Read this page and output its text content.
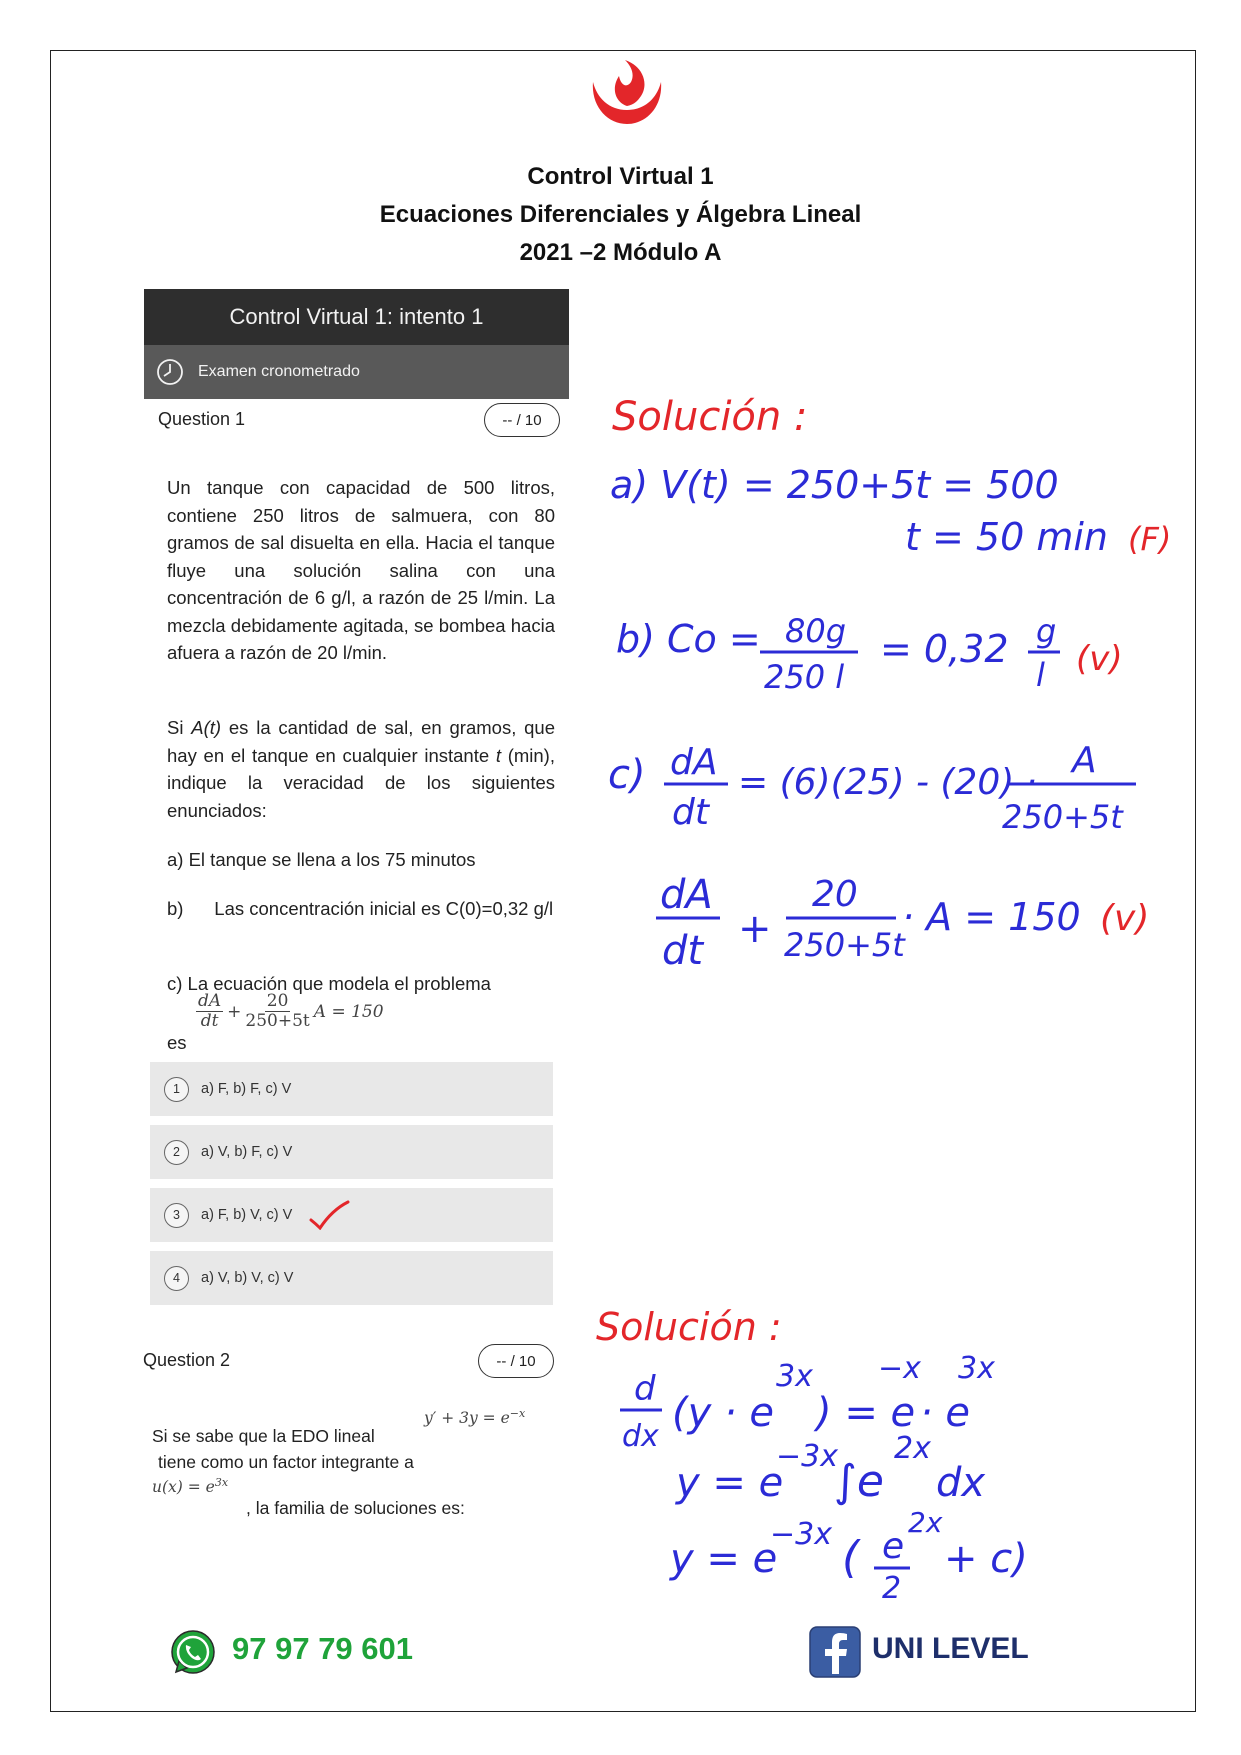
Control Virtual 1
Ecuaciones Diferenciales y Álgebra Lineal
2021 –2 Módulo A
Control Virtual 1: intento 1
Examen cronometrado
Question 1	-- / 10

Un tanque con capacidad de 500 litros, contiene 250 litros de salmuera, con 80 gramos de sal disuelta en ella. Hacia el tanque fluye una solución salina con una concentración de 6 g/l, a razón de 25 l/min. La mezcla debidamente agitada, se bombea hacia afuera a razón de 20 l/min.

Si A(t) es la cantidad de sal, en gramos, que hay en el tanque en cualquier instante t (min), indique la veracidad de los siguientes enunciados:
a) El tanque se llena a los 75 minutos
b)      Las concentración inicial es C(0)=0,32 g/l
c) La ecuación que modela el problema
$\frac{dA}{dt} + \frac{20}{250+5t}$ A = 150
es
1	a) F, b) F, c) V
2	a) V, b) F, c) V
3	a) F, b) V, c) V
4	a) V, b) V, c) V
Question 2	-- / 10
$y' + 3y = e^{-x}$
Si se sabe que la EDO lineal
tiene como un factor integrante a
$u(x) = e^{3x}$
, la familia de soluciones es:
Solución :
a) V(t) = 250+5t = 500
t = 50 min (F)
b) Co = 80g
250 l
= 0,32 g
l (v)
c) dA
dt
= (6)(25) - (20) ·
A
250+5t
dA
dt +
20
250+5t
· A = 150 (v)
Solución :
d
dx
(y · e
3x
) = e
−x
· e
3x
y = e
−3x
∫e
2x
dx
y = e
−3x ( e
2x
2
+ c)
97 97 79 601	UNI LEVEL
